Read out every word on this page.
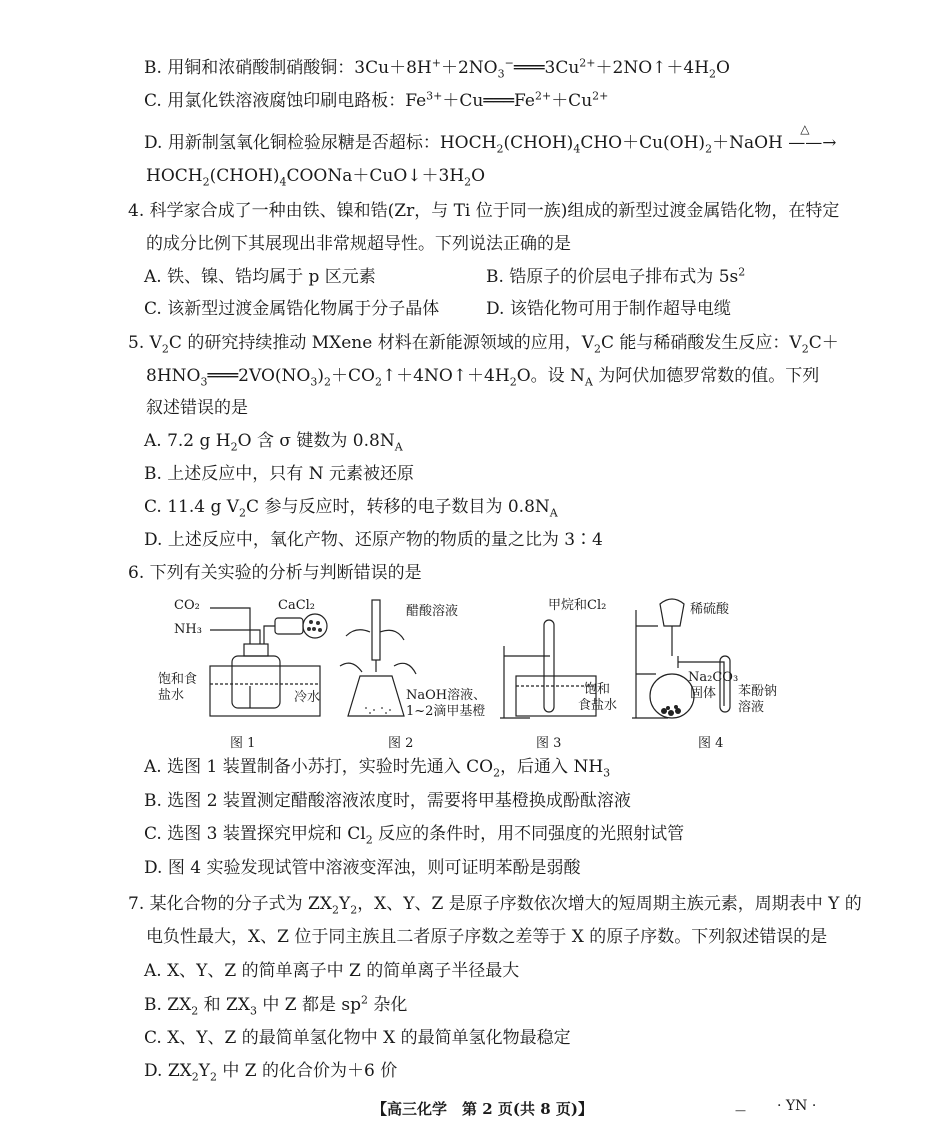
B. 用铜和浓硝酸制硝酸铜：$3Cu+8H^++2NO_3^-═══3Cu^{2+}+2NO↑+4H_2O$
C. 用氯化铁溶液腐蚀印刷电路板：$Fe^{3+}+Cu═══Fe^{2+}+Cu^{2+}$
D. 用新制氢氧化铜检验尿糖是否超标：$HOCH_2(CHOH)_4CHO+Cu(OH)_2+NaOH$
△
——→
$HOCH_2(CHOH)_4COONa+CuO↓+3H_2O$
4. 科学家合成了一种由铁、镍和锆(Zr，与 Ti 位于同一族)组成的新型过渡金属锆化物，在特定
的成分比例下其展现出非常规超导性。下列说法正确的是
A. 铁、镍、锆均属于 p 区元素	B. 锆原子的价层电子排布式为 $5s^2$
C. 该新型过渡金属锆化物属于分子晶体	D. 该锆化物可用于制作超导电缆
5. $V_2C$ 的研究持续推动 MXene 材料在新能源领域的应用，$V_2C$ 能与稀硝酸发生反应：$V_2C+$
$8HNO_3═══2VO(NO_3)_2+CO_2↑+4NO↑+4H_2O$。设 $N_A$ 为阿伏加德罗常数的值。下列
叙述错误的是
A. 7.2 g $H_2O$ 含 σ 键数为 $0.8N_A$
B. 上述反应中，只有 N 元素被还原
C. 11.4 g $V_2C$ 参与反应时，转移的电子数目为 $0.8N_A$
D. 上述反应中，氧化产物、还原产物的物质的量之比为 3∶4
6. 下列有关实验的分析与判断错误的是
CO₂
NH₃
CaCl₂
饱和食
盐水	冷水
图 1
醋酸溶液
NaOH溶液、
1~2滴甲基橙
图 2
甲烷和Cl₂
饱和
食盐水
图 3
稀硫酸
Na₂CO₃
固体 苯酚钠
溶液
图 4
A. 选图 1 装置制备小苏打，实验时先通入 $CO_2$，后通入 $NH_3$
B. 选图 2 装置测定醋酸溶液浓度时，需要将甲基橙换成酚酞溶液
C. 选图 3 装置探究甲烷和 $Cl_2$ 反应的条件时，用不同强度的光照射试管
D. 图 4 实验发现试管中溶液变浑浊，则可证明苯酚是弱酸
7. 某化合物的分子式为 $ZX_2Y_2$，X、Y、Z 是原子序数依次增大的短周期主族元素，周期表中 Y 的
电负性最大，X、Z 位于同主族且二者原子序数之差等于 X 的原子序数。下列叙述错误的是
A. X、Y、Z 的简单离子中 Z 的简单离子半径最大
B. $ZX_2$ 和 $ZX_3$ 中 Z 都是 $sp^2$ 杂化
C. X、Y、Z 的最简单氢化物中 X 的最简单氢化物最稳定
D. $ZX_2Y_2$ 中 Z 的化合价为＋6 价
【高三化学　第 2 页(共 8 页)】	— · YN ·
